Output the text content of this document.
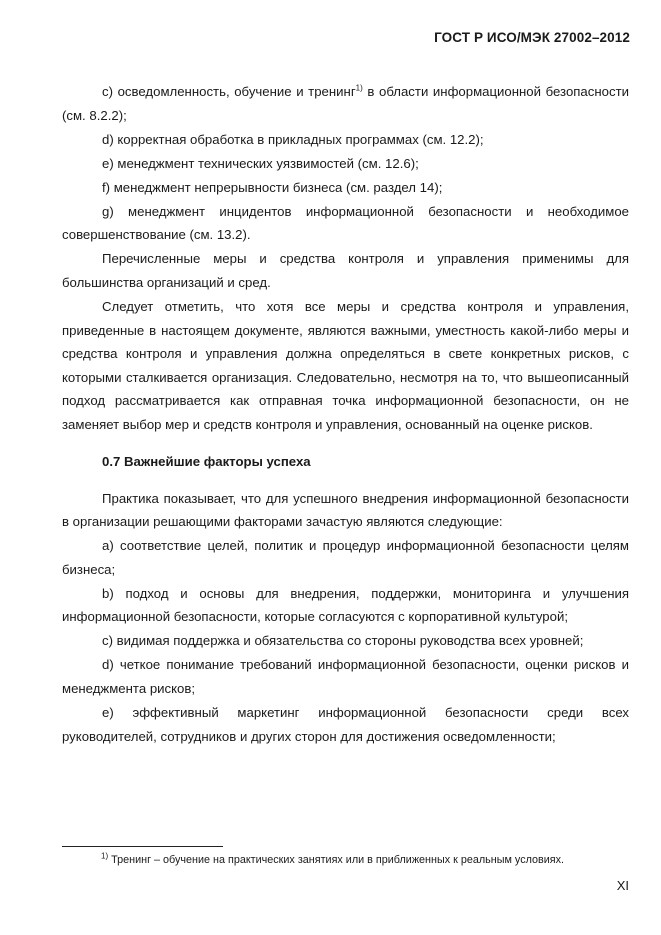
ГОСТ Р ИСО/МЭК 27002–2012

c) осведомленность, обучение и тренинг$^{1)}$ в области информационной безопасности (см. 8.2.2);

d) корректная обработка в прикладных программах (см. 12.2);

e) менеджмент технических уязвимостей (см. 12.6);

f) менеджмент непрерывности бизнеса (см. раздел 14);

g) менеджмент инцидентов информационной безопасности и необходимое совершенствование (см. 13.2).

Перечисленные меры и средства контроля и управления применимы для большинства организаций и сред.

Следует отметить, что хотя все меры и средства контроля и управления, приведенные в настоящем документе, являются важными, уместность какой-либо меры и средства контроля и управления должна определяться в свете конкретных рисков, с которыми сталкивается организация. Следовательно, несмотря на то, что вышеописанный подход рассматривается как отправная точка информационной безопасности, он не заменяет выбор мер и средств контроля и управления, основанный на оценке рисков.

0.7 Важнейшие факторы успеха

Практика показывает, что для успешного внедрения информационной безопасности в организации решающими факторами зачастую являются следующие:

a) соответствие целей, политик и процедур информационной безопасности целям бизнеса;

b) подход и основы для внедрения, поддержки, мониторинга и улучшения информационной безопасности, которые согласуются с корпоративной культурой;

c) видимая поддержка и обязательства со стороны руководства всех уровней;

d) четкое понимание требований информационной безопасности, оценки рисков и менеджмента рисков;

e) эффективный маркетинг информационной безопасности среди всех руководителей, сотрудников и других сторон для достижения осведомленности;

$^{1)}$ Тренинг – обучение на практических занятиях или в приближенных к реальным условиях.
XI
